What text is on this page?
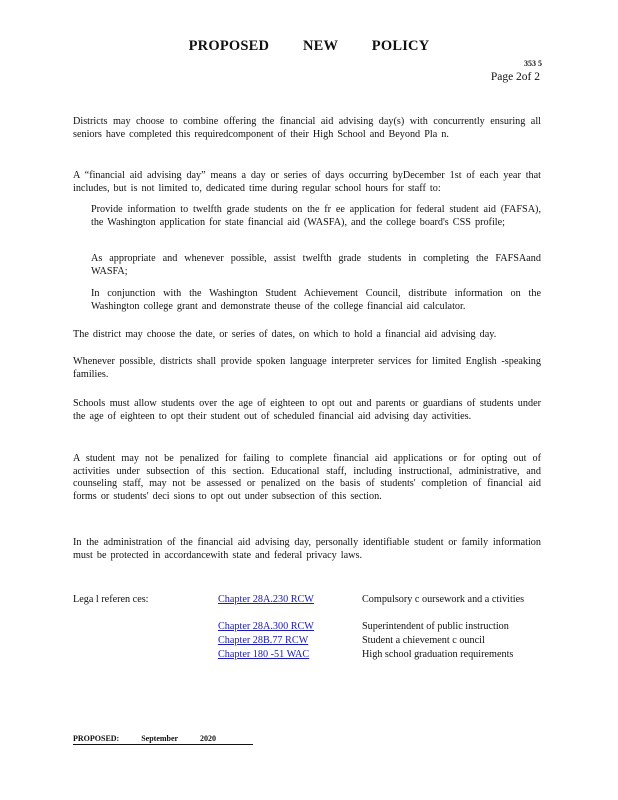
PROPOSED NEW POLICY
353 5
Page 2of 2
Districts may choose to combine offering the financial aid advising day(s) with concurrently ensuring all seniors have completed this requiredcomponent of their High School and Beyond Pla n.
A “financial aid advising day” means a day or series of days occurring byDecember 1st of each year that includes, but is not limited to, dedicated time during regular school hours for staff to:
Provide information to twelfth grade students on the fr ee application for federal student aid (FAFSA), the Washington application for state financial aid (WASFA), and the college board's CSS profile;
As appropriate and whenever possible, assist twelfth grade students in completing the FAFSAand WASFA;
In conjunction with the Washington Student Achievement Council, distribute information on the Washington college grant and demonstrate theuse of the college financial aid calculator.
The district may choose the date, or series of dates, on which to hold a financial aid advising day.
Whenever possible, districts shall provide spoken language interpreter services for limited English -speaking families.
Schools must allow students over the age of eighteen to opt out and parents or guardians of students under the age of eighteen to opt their student out of scheduled financial aid advising day activities.
A student may not be penalized for failing to complete financial aid applications or for opting out of activities under subsection of this section. Educational staff, including instructional, administrative, and counseling staff, may not be assessed or penalized on the basis of students' completion of financial aid forms or students' deci sions to opt out under subsection of this section.
In the administration of the financial aid advising day, personally identifiable student or family information must be protected in accordancewith state and federal privacy laws.
Lega l referen ces:	Chapter 28A.230 RCW	Compulsory c oursework and a ctivities
Chapter 28A.300 RCW	Superintendent of public instruction
Chapter 28B.77 RCW	Student a chievement c ouncil
Chapter 180 -51 WAC	High school graduation requirements
PROPOSED: September 2020
